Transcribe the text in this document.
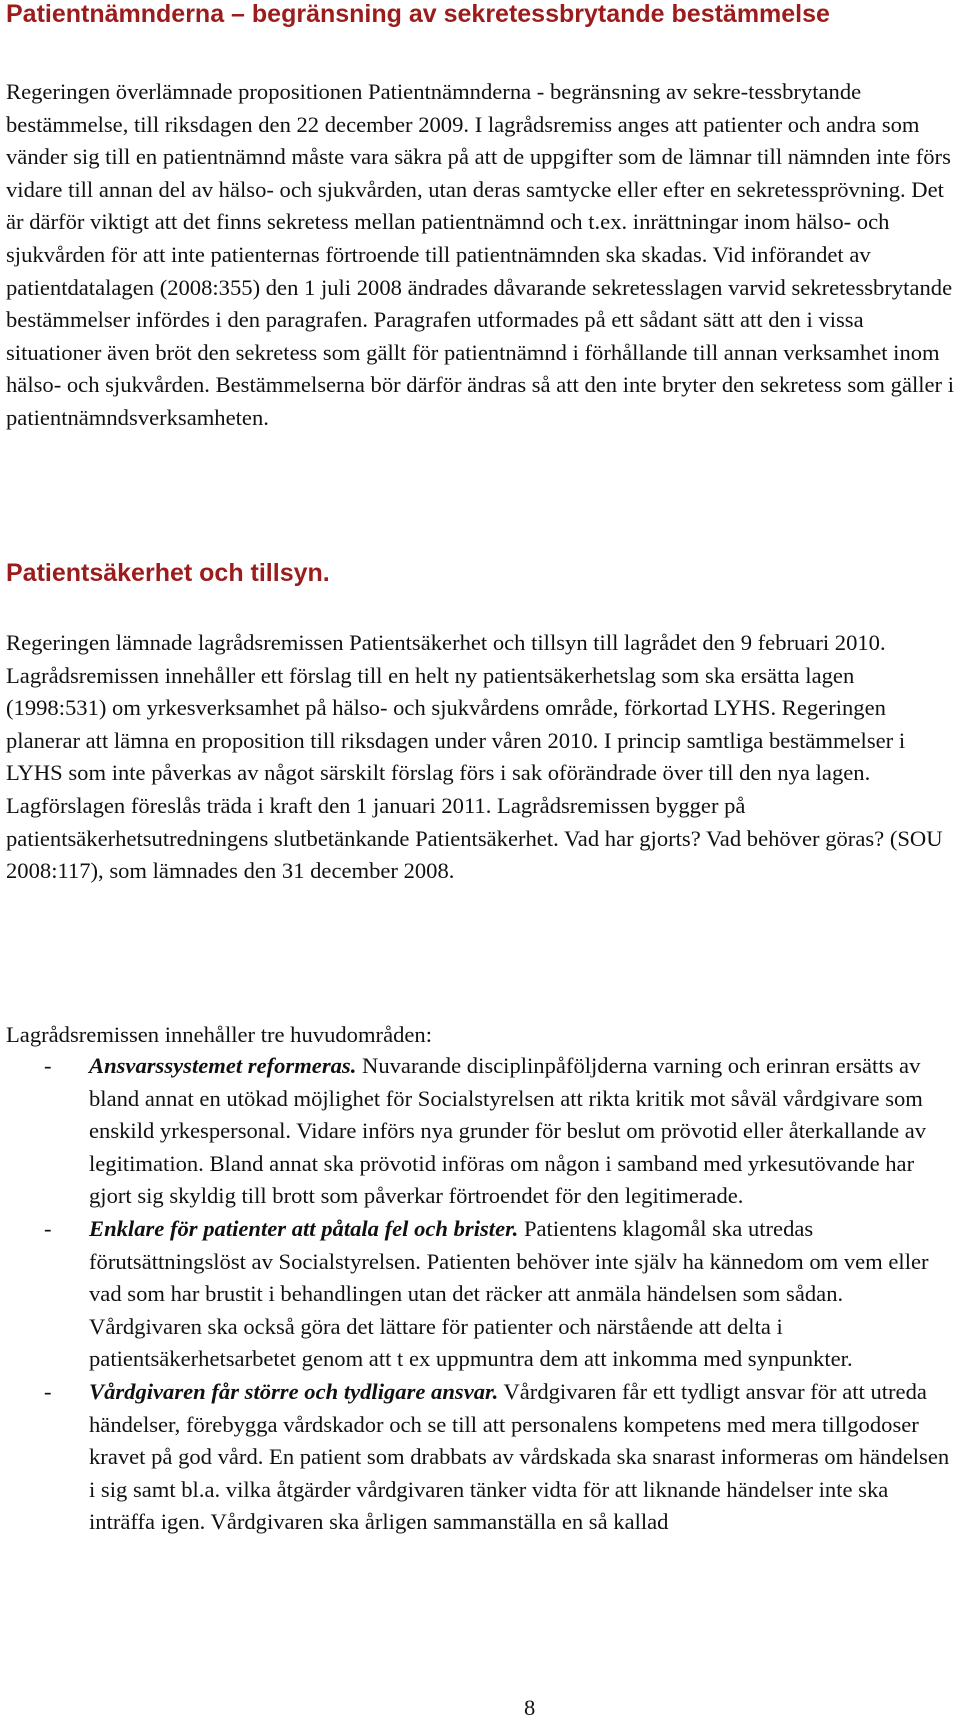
Patientnämnderna – begränsning av sekretessbrytande bestämmelse

Regeringen överlämnade propositionen Patientnämnderna - begränsning av sekre-tessbrytande bestämmelse, till riksdagen den 22 december 2009. I lagrådsremiss anges att patienter och andra som vänder sig till en patientnämnd måste vara säkra på att de uppgifter som de lämnar till nämnden inte förs vidare till annan del av hälso- och sjukvården, utan deras samtycke eller efter en sekretessprövning. Det är därför viktigt att det finns sekretess mellan patientnämnd och t.ex. inrättningar inom hälso- och sjukvården för att inte patienternas förtroende till patientnämnden ska skadas. Vid införandet av patientdatalagen (2008:355) den 1 juli 2008 ändrades dåvarande sekretesslagen varvid sekretessbrytande bestämmelser infördes i den paragrafen. Paragrafen utformades på ett sådant sätt att den i vissa situationer även bröt den sekretess som gällt för patientnämnd i förhållande till annan verksamhet inom hälso- och sjukvården. Bestämmelserna bör därför ändras så att den inte bryter den sekretess som gäller i patientnämndsverksamheten.

Patientsäkerhet och tillsyn.

Regeringen lämnade lagrådsremissen Patientsäkerhet och tillsyn till lagrådet den 9 februari 2010. Lagrådsremissen innehåller ett förslag till en helt ny patientsäkerhetslag som ska ersätta lagen (1998:531) om yrkesverksamhet på hälso- och sjukvårdens område, förkortad LYHS. Regeringen planerar att lämna en proposition till riksdagen under våren 2010. I princip samtliga bestämmelser i LYHS som inte påverkas av något särskilt förslag förs i sak oförändrade över till den nya lagen. Lagförslagen föreslås träda i kraft den 1 januari 2011. Lagrådsremissen bygger på patientsäkerhetsutredningens slutbetänkande Patientsäkerhet. Vad har gjorts? Vad behöver göras? (SOU 2008:117), som lämnades den 31 december 2008.

Lagrådsremissen innehåller tre huvudområden:

- Ansvarssystemet reformeras. Nuvarande disciplinpåföljderna varning och erinran ersätts av bland annat en utökad möjlighet för Socialstyrelsen att rikta kritik mot såväl vårdgivare som enskild yrkespersonal. Vidare införs nya grunder för beslut om prövotid eller återkallande av legitimation. Bland annat ska prövotid införas om någon i samband med yrkesutövande har gjort sig skyldig till brott som påverkar förtroendet för den legitimerade.
- Enklare för patienter att påtala fel och brister. Patientens klagomål ska utredas förutsättningslöst av Socialstyrelsen. Patienten behöver inte själv ha kännedom om vem eller vad som har brustit i behandlingen utan det räcker att anmäla händelsen som sådan. Vårdgivaren ska också göra det lättare för patienter och närstående att delta i patientsäkerhetsarbetet genom att t ex uppmuntra dem att inkomma med synpunkter.
- Vårdgivaren får större och tydligare ansvar. Vårdgivaren får ett tydligt ansvar för att utreda händelser, förebygga vårdskador och se till att personalens kompetens med mera tillgodoser kravet på god vård. En patient som drabbats av vårdskada ska snarast informeras om händelsen i sig samt bl.a. vilka åtgärder vårdgivaren tänker vidta för att liknande händelser inte ska inträffa igen. Vårdgivaren ska årligen sammanställa en så kallad
8
